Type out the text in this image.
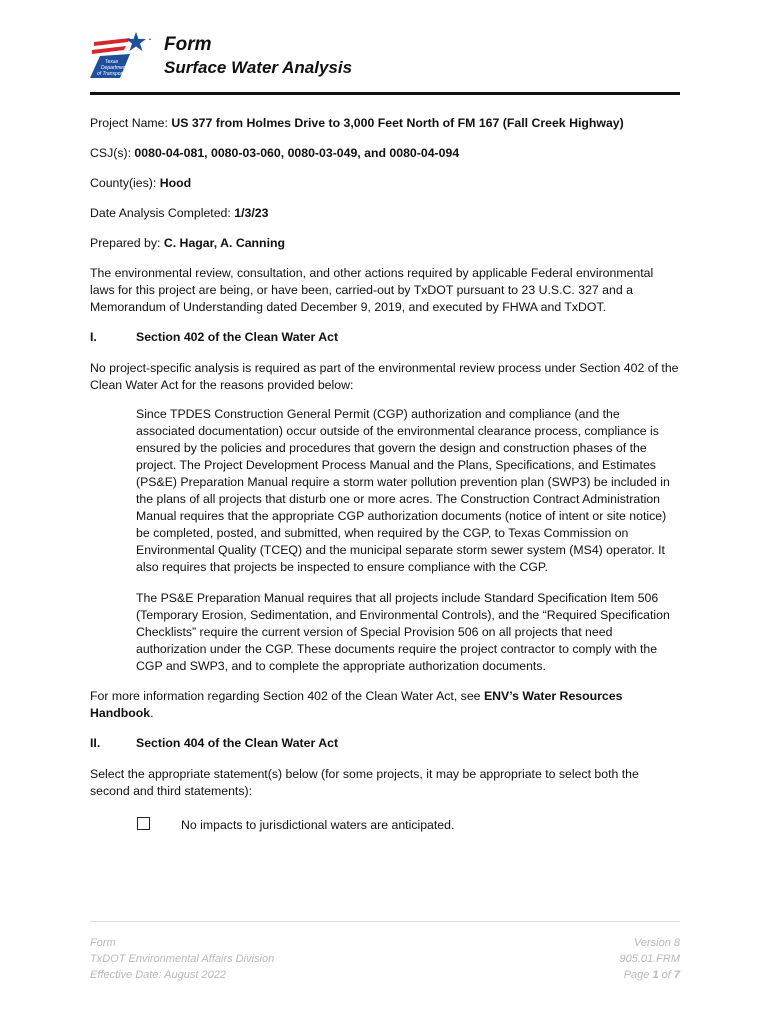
Texas
Department
of Transportation
Form
Surface Water Analysis
Project Name: US 377 from Holmes Drive to 3,000 Feet North of FM 167 (Fall Creek Highway)
CSJ(s): 0080-04-081, 0080-03-060, 0080-03-049, and 0080-04-094
County(ies): Hood
Date Analysis Completed: 1/3/23
Prepared by: C. Hagar, A. Canning
The environmental review, consultation, and other actions required by applicable Federal environmental laws for this project are being, or have been, carried-out by TxDOT pursuant to 23 U.S.C. 327 and a Memorandum of Understanding dated December 9, 2019, and executed by FHWA and TxDOT.
I.	Section 402 of the Clean Water Act
No project-specific analysis is required as part of the environmental review process under Section 402 of the Clean Water Act for the reasons provided below:
Since TPDES Construction General Permit (CGP) authorization and compliance (and the associated documentation) occur outside of the environmental clearance process, compliance is ensured by the policies and procedures that govern the design and construction phases of the project. The Project Development Process Manual and the Plans, Specifications, and Estimates (PS&E) Preparation Manual require a storm water pollution prevention plan (SWP3) be included in the plans of all projects that disturb one or more acres. The Construction Contract Administration Manual requires that the appropriate CGP authorization documents (notice of intent or site notice) be completed, posted, and submitted, when required by the CGP, to Texas Commission on Environmental Quality (TCEQ) and the municipal separate storm sewer system (MS4) operator. It also requires that projects be inspected to ensure compliance with the CGP.
The PS&E Preparation Manual requires that all projects include Standard Specification Item 506 (Temporary Erosion, Sedimentation, and Environmental Controls), and the “Required Specification Checklists” require the current version of Special Provision 506 on all projects that need authorization under the CGP. These documents require the project contractor to comply with the CGP and SWP3, and to complete the appropriate authorization documents.
For more information regarding Section 402 of the Clean Water Act, see ENV’s Water Resources Handbook.
II.	Section 404 of the Clean Water Act
Select the appropriate statement(s) below (for some projects, it may be appropriate to select both the second and third statements):
No impacts to jurisdictional waters are anticipated.
Form
TxDOT Environmental Affairs Division
Effective Date: August 2022
Version 8
905.01.FRM
Page 1 of 7
